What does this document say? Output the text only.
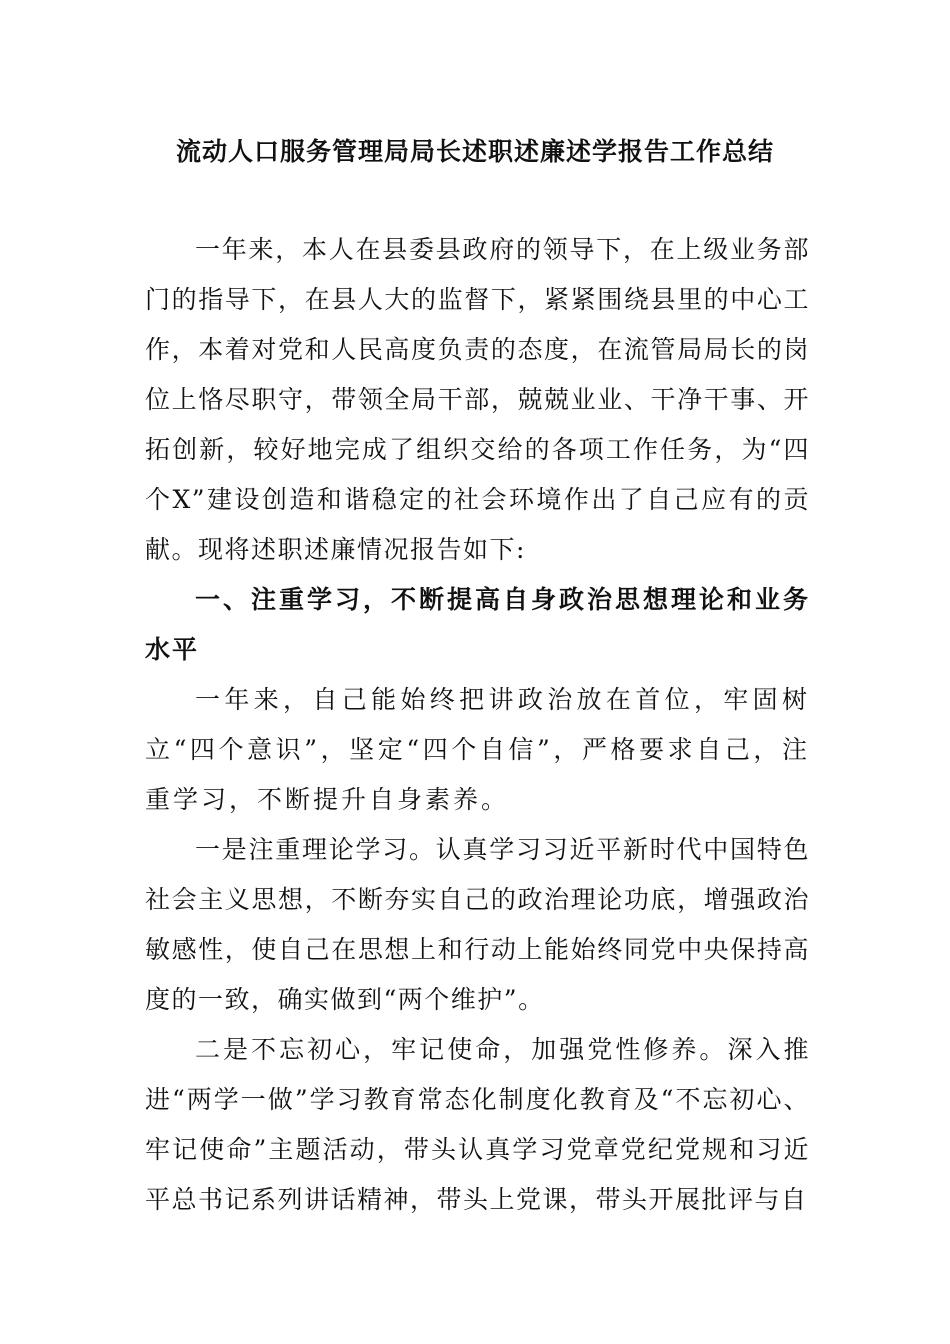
流动人口服务管理局局长述职述廉述学报告工作总结

一年来，本人在县委县政府的领导下，在上级业务部门的指导下，在县人大的监督下，紧紧围绕县里的中心工作，本着对党和人民高度负责的态度，在流管局局长的岗位上恪尽职守，带领全局干部，兢兢业业、干净干事、开拓创新，较好地完成了组织交给的各项工作任务，为“四个X”建设创造和谐稳定的社会环境作出了自己应有的贡献。现将述职述廉情况报告如下:

一、注重学习，不断提高自身政治思想理论和业务水平

一年来，自己能始终把讲政治放在首位，牢固树立“四个意识”，坚定“四个自信”，严格要求自己，注重学习，不断提升自身素养。

一是注重理论学习。认真学习习近平新时代中国特色社会主义思想，不断夯实自己的政治理论功底，增强政治敏感性，使自己在思想上和行动上能始终同党中央保持高度的一致，确实做到“两个维护”。

二是不忘初心，牢记使命，加强党性修养。深入推进“两学一做”学习教育常态化制度化教育及“不忘初心、牢记使命”主题活动，带头认真学习党章党纪党规和习近平总书记系列讲话精神，带头上党课，带头开展批评与自
